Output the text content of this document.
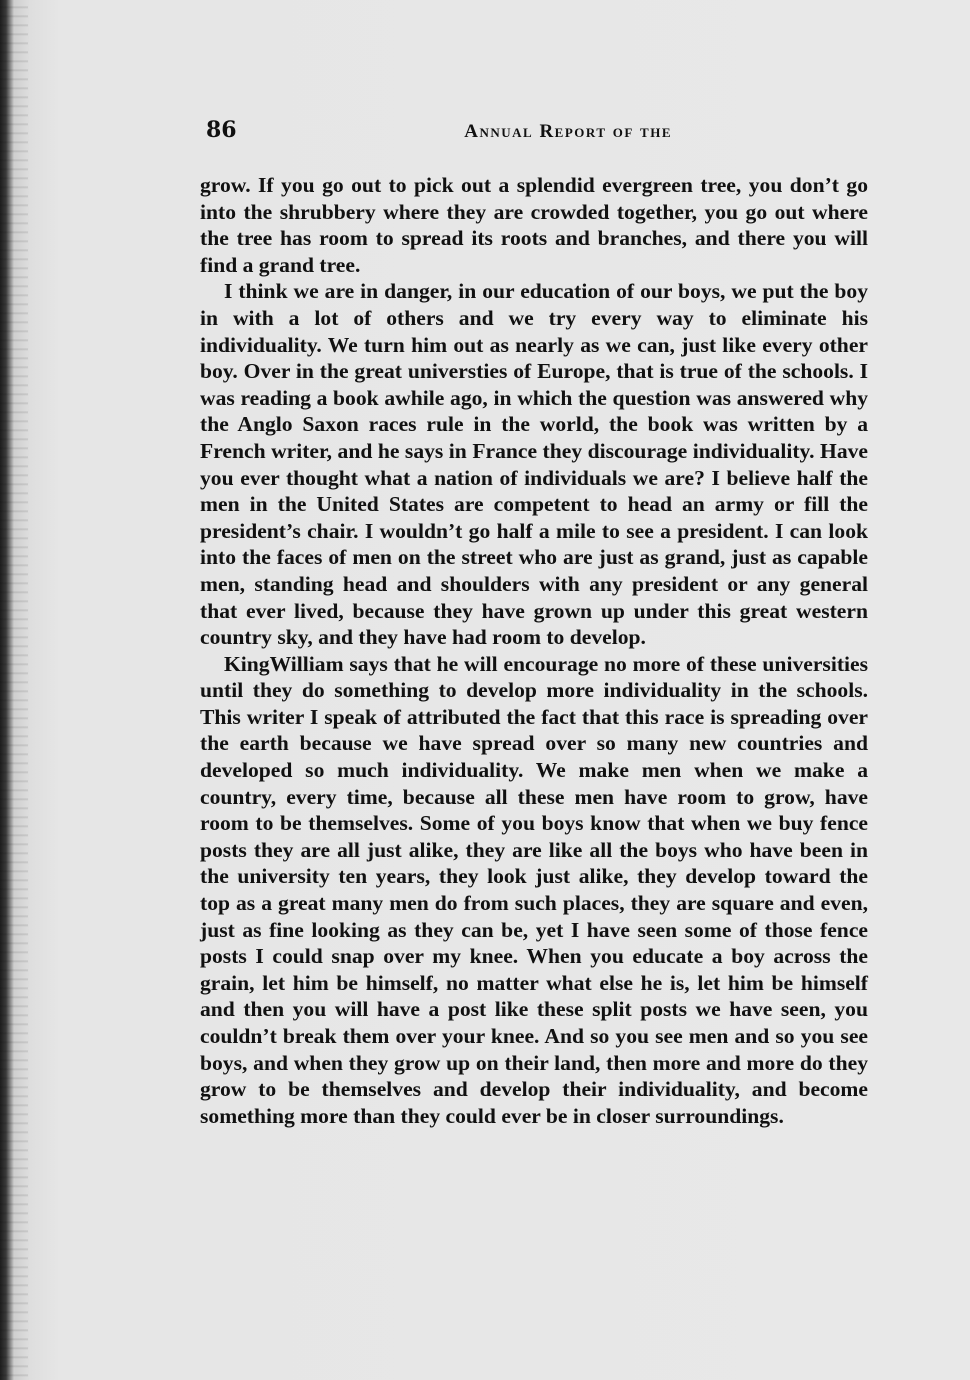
86	Annual Report of the

grow. If you go out to pick out a splendid evergreen tree, you don’t go into the shrubbery where they are crowded together, you go out where the tree has room to spread its roots and branches, and there you will find a grand tree.

I think we are in danger, in our education of our boys, we put the boy in with a lot of others and we try every way to eliminate his individuality. We turn him out as nearly as we can, just like every other boy. Over in the great universties of Europe, that is true of the schools. I was reading a book awhile ago, in which the question was answered why the Anglo Saxon races rule in the world, the book was written by a French writer, and he says in France they discourage individuality. Have you ever thought what a nation of individuals we are? I believe half the men in the United States are competent to head an army or fill the president’s chair. I wouldn’t go half a mile to see a president. I can look into the faces of men on the street who are just as grand, just as capable men, standing head and shoulders with any president or any general that ever lived, because they have grown up under this great western country sky, and they have had room to develop.

KingWilliam says that he will encourage no more of these universities until they do something to develop more individuality in the schools. This writer I speak of attributed the fact that this race is spreading over the earth because we have spread over so many new countries and developed so much individuality. We make men when we make a country, every time, because all these men have room to grow, have room to be themselves. Some of you boys know that when we buy fence posts they are all just alike, they are like all the boys who have been in the university ten years, they look just alike, they develop toward the top as a great many men do from such places, they are square and even, just as fine looking as they can be, yet I have seen some of those fence posts I could snap over my knee. When you educate a boy across the grain, let him be himself, no matter what else he is, let him be himself and then you will have a post like these split posts we have seen, you couldn’t break them over your knee. And so you see men and so you see boys, and when they grow up on their land, then more and more do they grow to be themselves and develop their individuality, and become something more than they could ever be in closer surroundings.
